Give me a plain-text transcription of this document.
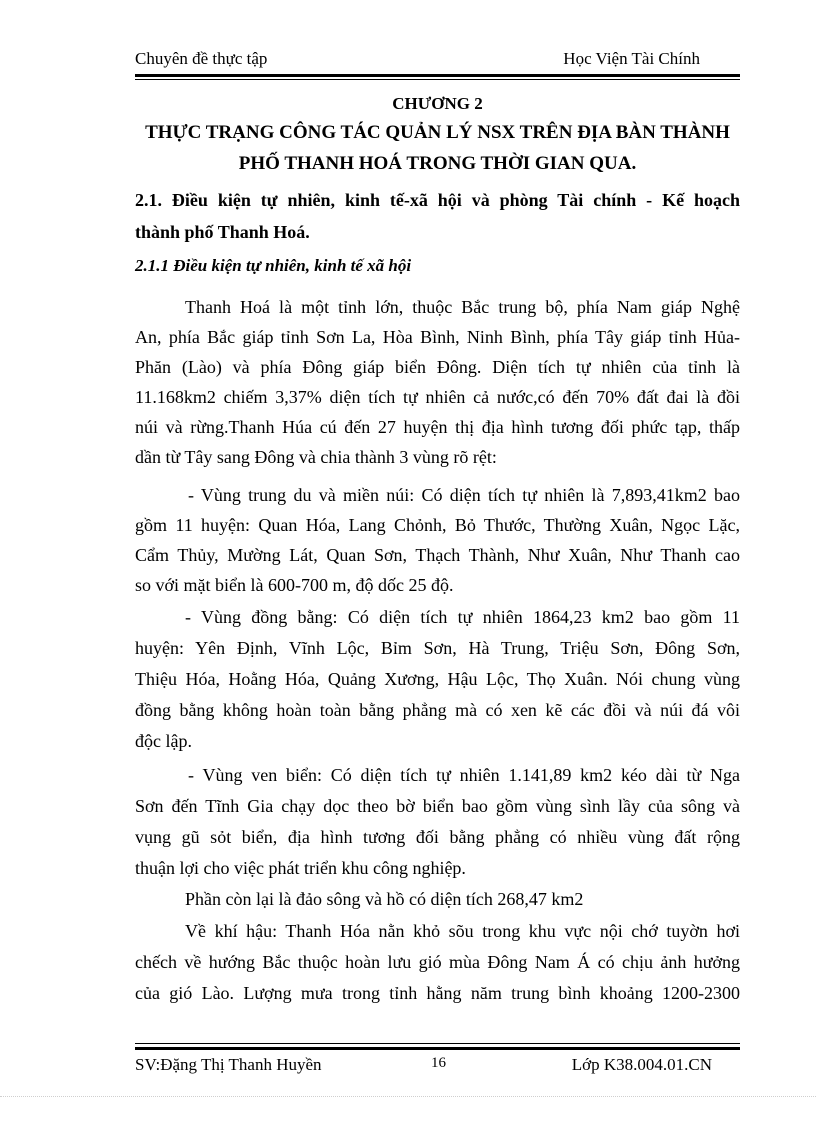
Chuyên đề thực tập	Học Viện Tài Chính
CHƯƠNG 2
THỰC TRẠNG CÔNG TÁC QUẢN LÝ NSX TRÊN ĐỊA BÀN THÀNH
PHỐ THANH HOÁ TRONG THỜI GIAN QUA.
2.1. Điều kiện tự nhiên, kinh tế-xã hội và phòng Tài chính - Kế hoạch
thành phố Thanh Hoá.
2.1.1 Điều kiện tự nhiên, kinh tế xã hội
Thanh Hoá là một tỉnh lớn, thuộc Bắc trung bộ, phía Nam giáp Nghệ
An, phía Bắc giáp tỉnh Sơn La, Hòa Bình, Ninh Bình, phía Tây giáp tỉnh Hủa-
Phăn (Lào) và phía Đông giáp biển Đông. Diện tích tự nhiên của tỉnh là
11.168km2 chiếm 3,37% diện tích tự nhiên cả nước,có đến 70% đất đai là đồi
núi và rừng.Thanh Húa cú đến 27 huyện thị địa hình tương đối phức tạp, thấp
dần từ Tây sang Đông và chia thành 3 vùng rõ rệt:
- Vùng trung du và miền núi: Có diện tích tự nhiên là 7,893,41km2 bao
gồm 11 huyện: Quan Hóa, Lang Chỏnh, Bỏ Thước, Thường Xuân, Ngọc Lặc,
Cẩm Thủy, Mường Lát, Quan Sơn, Thạch Thành, Như Xuân, Như Thanh cao
so với mặt biển là 600-700 m, độ dốc 25 độ.
- Vùng đồng bằng: Có diện tích tự nhiên 1864,23 km2 bao gồm 11
huyện: Yên Định, Vĩnh Lộc, Bỉm Sơn, Hà Trung, Triệu Sơn, Đông Sơn,
Thiệu Hóa, Hoằng Hóa, Quảng Xương, Hậu Lộc, Thọ Xuân. Nói chung vùng
đồng bằng không hoàn toàn bằng phẳng mà có xen kẽ các đồi và núi đá vôi
độc lập.
- Vùng ven biển: Có diện tích tự nhiên 1.141,89 km2 kéo dài từ Nga
Sơn đến Tĩnh Gia chạy dọc theo bờ biển bao gồm vùng sình lầy của sông và
vụng gũ sỏt biển, địa hình tương đối bằng phẳng có nhiều vùng đất rộng
thuận lợi cho việc phát triển khu công nghiệp.
Phần còn lại là đảo sông và hồ có diện tích 268,47 km2
Về khí hậu: Thanh Hóa nằn khỏ sõu trong khu vực nội chớ tuyờn hơi
chếch về hướng Bắc thuộc hoàn lưu gió mùa Đông Nam Á có chịu ảnh hưởng
của gió Lào. Lượng mưa trong tỉnh hằng năm trung bình khoảng 1200-2300
SV:Đặng Thị Thanh Huyền	16	Lớp K38.004.01.CN
